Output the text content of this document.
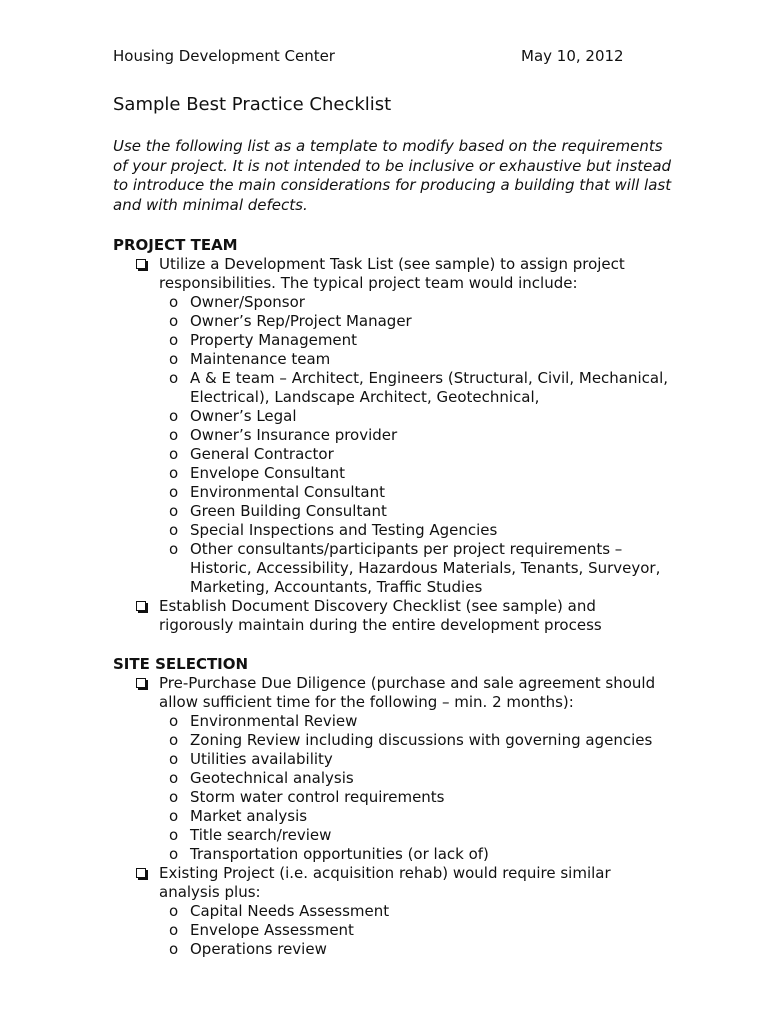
Housing Development Center	May 10, 2012
Sample Best Practice Checklist

Use the following list as a template to modify based on the requirements of your project. It is not intended to be inclusive or exhaustive but instead to introduce the main considerations for producing a building that will last and with minimal defects.

PROJECT TEAM
Utilize a Development Task List (see sample) to assign project responsibilities. The typical project team would include:
o Owner/Sponsor
o Owner’s Rep/Project Manager
o Property Management
o Maintenance team
o A & E team – Architect, Engineers (Structural, Civil, Mechanical, Electrical), Landscape Architect, Geotechnical,
o Owner’s Legal
o Owner’s Insurance provider
o General Contractor
o Envelope Consultant
o Environmental Consultant
o Green Building Consultant
o Special Inspections and Testing Agencies
o Other consultants/participants per project requirements – Historic, Accessibility, Hazardous Materials, Tenants, Surveyor, Marketing, Accountants, Traffic Studies
Establish Document Discovery Checklist (see sample) and rigorously maintain during the entire development process
SITE SELECTION
Pre-Purchase Due Diligence (purchase and sale agreement should allow sufficient time for the following – min. 2 months):
o Environmental Review
o Zoning Review including discussions with governing agencies
o Utilities availability
o Geotechnical analysis
o Storm water control requirements
o Market analysis
o Title search/review
o Transportation opportunities (or lack of)
Existing Project (i.e. acquisition rehab) would require similar analysis plus:
o Capital Needs Assessment
o Envelope Assessment
o Operations review
